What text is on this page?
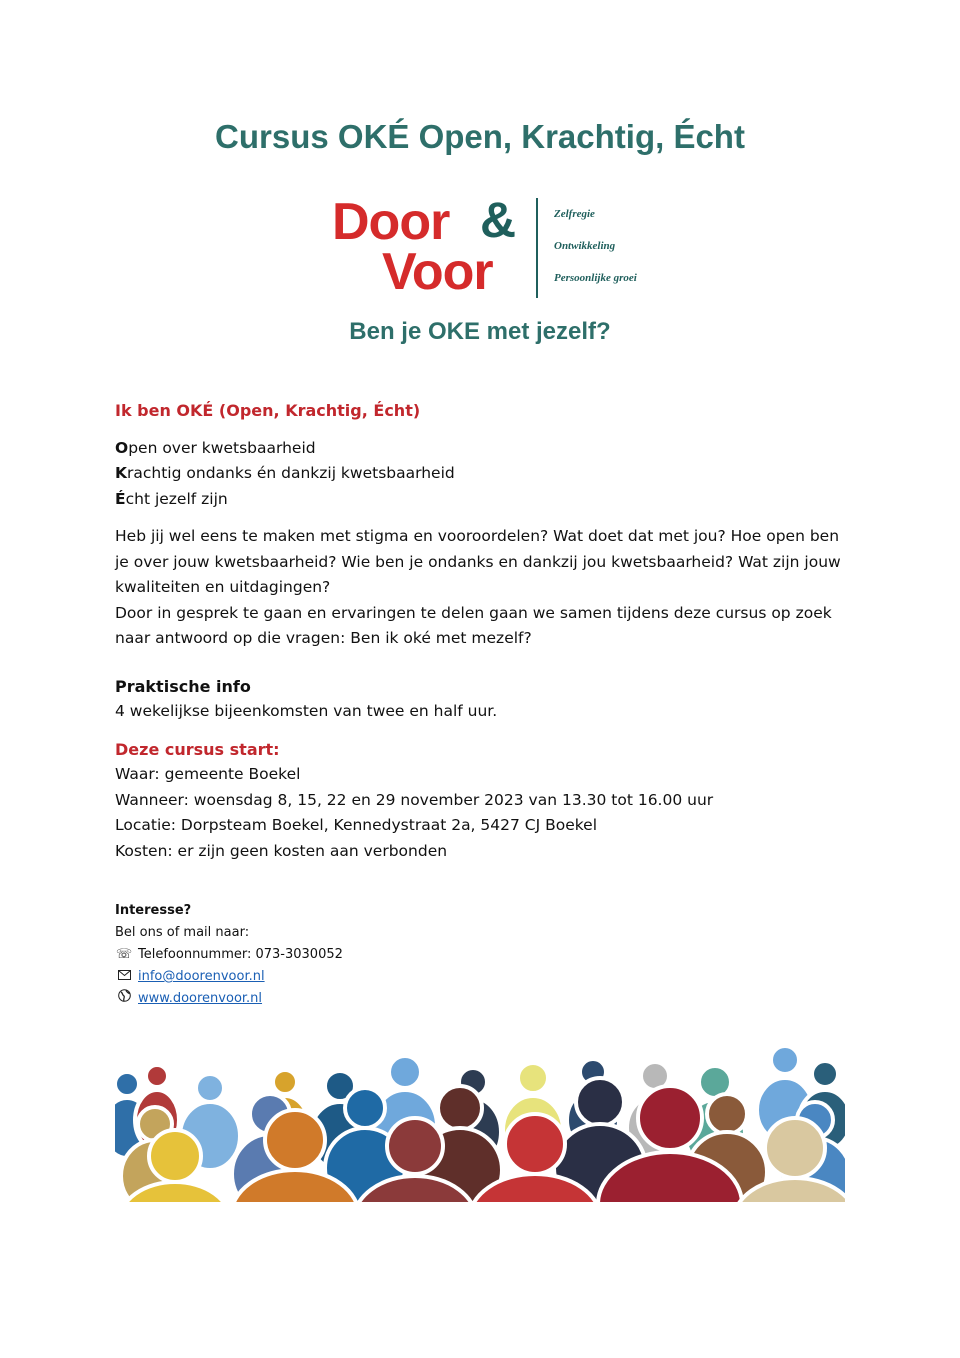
Cursus OKÉ Open, Krachtig, Écht
Door &
Voor
Zelfregie
Ontwikkeling
Persoonlijke groei
Ben je OKE met jezelf?

Ik ben OKÉ (Open, Krachtig, Écht)

Open over kwetsbaarheid

Krachtig ondanks én dankzij kwetsbaarheid

Écht jezelf zijn

Heb jij wel eens te maken met stigma en vooroordelen? Wat doet dat met jou? Hoe open ben je over jouw kwetsbaarheid? Wie ben je ondanks en dankzij jou kwetsbaarheid? Wat zijn jouw kwaliteiten en uitdagingen?

Door in gesprek te gaan en ervaringen te delen gaan we samen tijdens deze cursus op zoek naar antwoord op die vragen: Ben ik oké met mezelf?

Praktische info

4 wekelijkse bijeenkomsten van twee en half uur.

Deze cursus start:

Waar: gemeente Boekel

Wanneer: woensdag 8, 15, 22 en 29 november 2023 van 13.30 tot 16.00 uur

Locatie: Dorpsteam Boekel, Kennedystraat 2a, 5427 CJ Boekel

Kosten: er zijn geen kosten aan verbonden

Interesse?

Bel ons of mail naar:

☏ Telefoonnummer: 073-3030052
info@doorenvoor.nl
www.doorenvoor.nl
